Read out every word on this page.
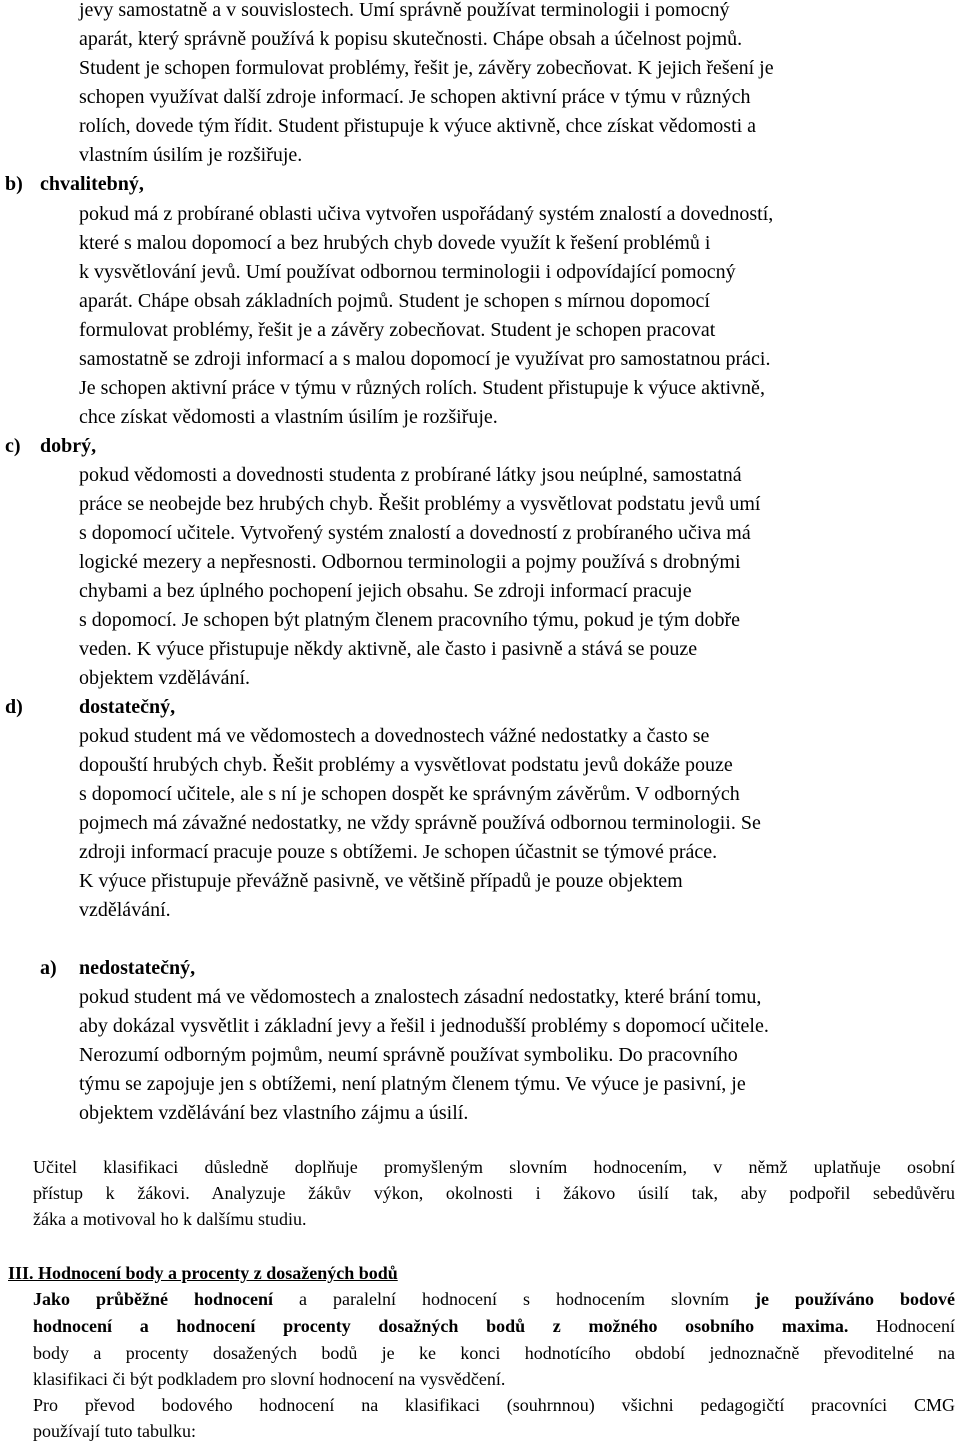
jevy samostatně a v souvislostech. Umí správně používat terminologii i pomocný
aparát, který správně používá k popisu skutečnosti. Chápe obsah a účelnost pojmů.
Student je schopen formulovat problémy, řešit je, závěry zobecňovat. K jejich řešení je
schopen využívat další zdroje informací. Je schopen aktivní práce v týmu v různých
rolích, dovede tým řídit. Student přistupuje k výuce aktivně, chce získat vědomosti a
vlastním úsilím je rozšiřuje.
b) chvalitebný,
pokud má z probírané oblasti učiva vytvořen uspořádaný systém znalostí a dovedností,
které s malou dopomocí a bez hrubých chyb dovede využít k řešení problémů i
k vysvětlování jevů. Umí používat odbornou terminologii i odpovídající pomocný
aparát. Chápe obsah základních pojmů. Student je schopen s mírnou dopomocí
formulovat problémy, řešit je a závěry zobecňovat. Student je schopen pracovat
samostatně se zdroji informací a s malou dopomocí je využívat pro samostatnou práci.
Je schopen aktivní práce v týmu v různých rolích. Student přistupuje k výuce aktivně,
chce získat vědomosti a vlastním úsilím je rozšiřuje.
c) dobrý,
pokud vědomosti a dovednosti studenta z probírané látky jsou neúplné, samostatná
práce se neobejde bez hrubých chyb. Řešit problémy a vysvětlovat podstatu jevů umí
s dopomocí učitele. Vytvořený systém znalostí a dovedností z probíraného učiva má
logické mezery a nepřesnosti. Odbornou terminologii a pojmy používá s drobnými
chybami a bez úplného pochopení jejich obsahu. Se zdroji informací pracuje
s dopomocí. Je schopen být platným členem pracovního týmu, pokud je tým dobře
veden. K výuce přistupuje někdy aktivně, ale často i pasivně a stává se pouze
objektem vzdělávání.
d)	dostatečný,
pokud student má ve vědomostech a dovednostech vážné nedostatky a často se
dopouští hrubých chyb. Řešit problémy a vysvětlovat podstatu jevů dokáže pouze
s dopomocí učitele, ale s ní je schopen dospět ke správným závěrům. V odborných
pojmech má závažné nedostatky, ne vždy správně používá odbornou terminologii. Se
zdroji informací pracuje pouze s obtížemi. Je schopen účastnit se týmové práce.
K výuce přistupuje převážně pasivně, ve většině případů je pouze objektem
vzdělávání.
a) nedostatečný,
pokud student má ve vědomostech a znalostech zásadní nedostatky, které brání tomu,
aby dokázal vysvětlit i základní jevy a řešil i jednodušší problémy s dopomocí učitele.
Nerozumí odborným pojmům, neumí správně používat symboliku. Do pracovního
týmu se zapojuje jen s obtížemi, není platným členem týmu. Ve výuce je pasivní, je
objektem vzdělávání bez vlastního zájmu a úsilí.
Učitel klasifikaci důsledně doplňuje promyšleným slovním hodnocením, v němž uplatňuje osobní
přístup k žákovi. Analyzuje žákův výkon, okolnosti i žákovo úsilí tak, aby podpořil sebedůvěru
žáka a motivoval ho k dalšímu studiu.
III. Hodnocení body a procenty z dosažených bodů
Jako průběžné hodnocení a paralelní hodnocení s hodnocením slovním je používáno bodové
hodnocení a hodnocení procenty dosažných bodů z možného osobního maxima. Hodnocení
body a procenty dosažených bodů je ke konci hodnotícího období jednoznačně převoditelné na
klasifikaci či být podkladem pro slovní hodnocení na vysvědčení.
Pro převod bodového hodnocení na klasifikaci (souhrnnou) všichni pedagogičtí pracovníci CMG
používají tuto tabulku:
